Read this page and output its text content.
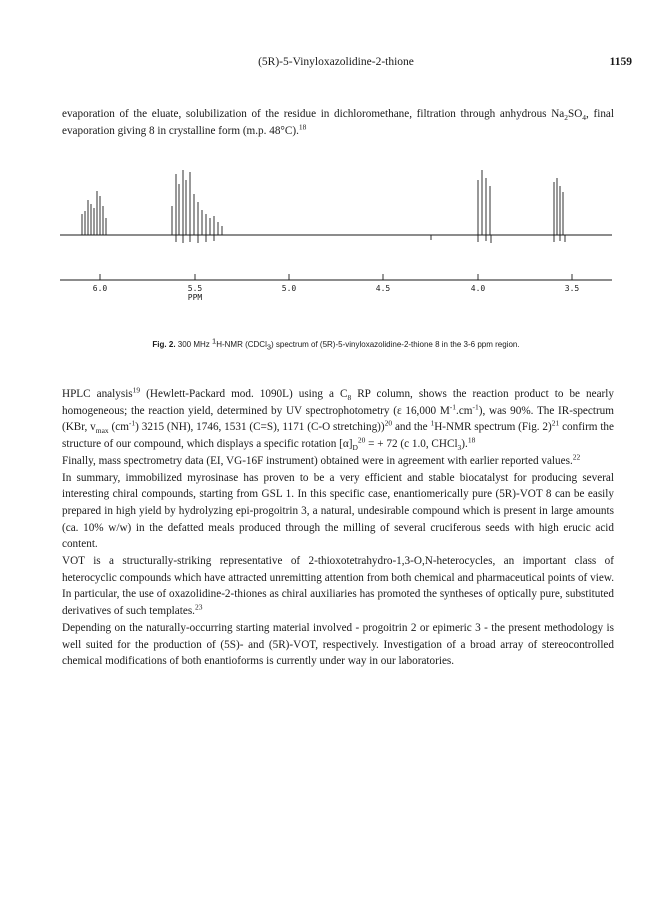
(5R)-5-Vinyloxazolidine-2-thione	1159

evaporation of the eluate, solubilization of the residue in dichloromethane, filtration through anhydrous $Na_2SO_4$, final evaporation giving 8 in crystalline form (m.p. 48°C).$^{18}$

6.0	5.5	5.0	4.5	4.0	3.5
PPM
Fig. 2. 300 MHz $^1$H-NMR (CDCl$_3$) spectrum of (5R)-5-vinyloxazolidine-2-thione 8 in the 3-6 ppm region.

HPLC analysis$^{19}$ (Hewlett-Packard mod. 1090L) using a $C_8$ RP column, shows the reaction product to be nearly homogeneous; the reaction yield, determined by UV spectrophotometry (ε 16,000 $M^{-1}.cm^{-1}$), was 90%. The IR-spectrum (KBr, $v_{max}$ $(cm^{-1})$ 3215 (NH), 1746, 1531 (C=S), 1171 (C-O stretching))$^{20}$ and the $^1$H-NMR spectrum (Fig. 2)$^{21}$ confirm the structure of our compound, which displays a specific rotation $[\alpha]_D^{20}$ = + 72 (c 1.0, CHCl$_3$).$^{18}$

Finally, mass spectrometry data (EI, VG-16F instrument) obtained were in agreement with earlier reported values.$^{22}$

In summary, immobilized myrosinase has proven to be a very efficient and stable biocatalyst for producing several interesting chiral compounds, starting from GSL 1. In this specific case, enantiomerically pure (5R)-VOT 8 can be easily prepared in high yield by hydrolyzing epi-progoitrin 3, a natural, undesirable compound which is present in large amounts (ca. 10% w/w) in the defatted meals produced through the milling of several cruciferous seeds with high erucic acid content.

VOT is a structurally-striking representative of 2-thioxotetrahydro-1,3-O,N-heterocycles, an important class of heterocyclic compounds which have attracted unremitting attention from both chemical and pharmaceutical points of view. In particular, the use of oxazolidine-2-thiones as chiral auxiliaries has promoted the syntheses of optically pure, substituted derivatives of such templates.$^{23}$

Depending on the naturally-occurring starting material involved - progoitrin 2 or epimeric 3 - the present methodology is well suited for the production of (5S)- and (5R)-VOT, respectively. Investigation of a broad array of stereocontrolled chemical modifications of both enantioforms is currently under way in our laboratories.
